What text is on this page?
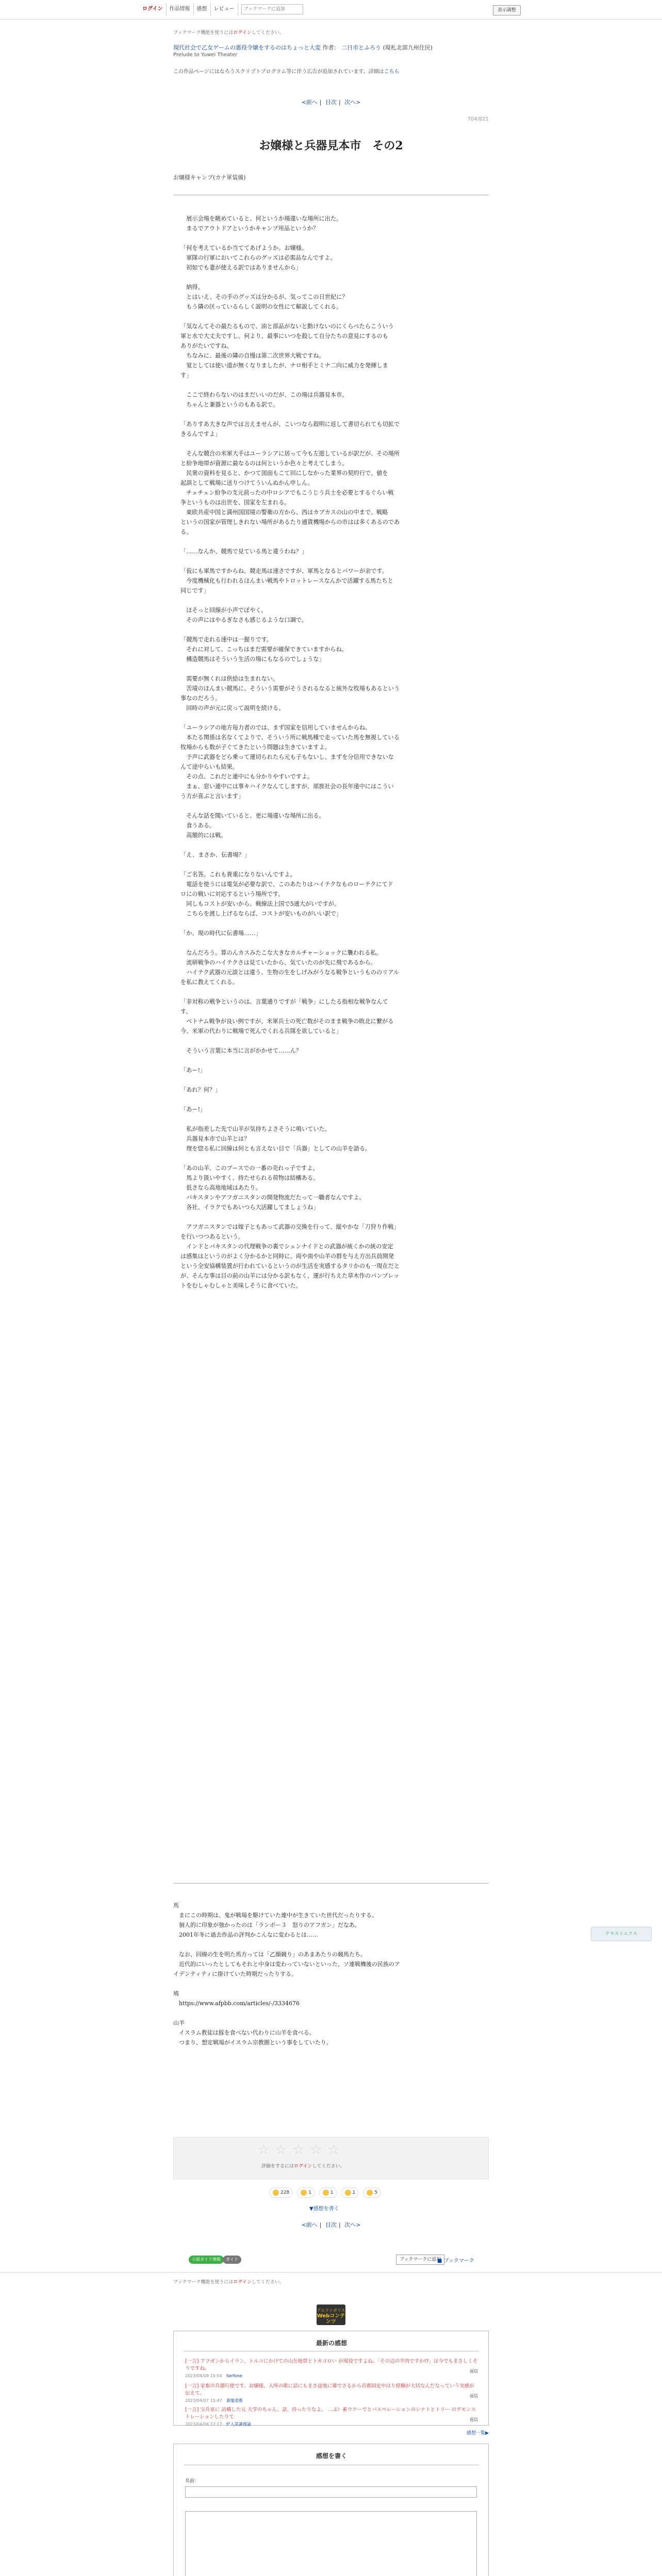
ログイン	作品情報	感想	レビュー
ブックマークに追加	表示調整
ブックマーク機能を使うにはログインしてください。
現代社会で乙女ゲームの悪役令嬢をするのはちょっと大変 作者： 二日市とふろう (現札北部九州住民)
Prelude to Yuwei Theater
この作品ページにはなろうスクリプトプログラム等に伴う広告が追加されています。詳細はこちら
<前へ | 目次 | 次へ>
704/821
お嬢様と兵器見本市　その2
お嬢様キャンプ(カナ軍装備)

　展示会場を眺めていると、何というか場違いな場所に出た。

　まるでアウトドアというかキャンプ用品というか？

「何を考えているか当ててあげようか。お嬢様。

　軍隊の行軍においてこれらのグッズは必需品なんですよ。

　初如でも妻が使える訳ではありませんから」

　納得。

　とはいえ、その手のグッズは分かるが、気ってこの日世紀に？

　もう隣の区っているらしく説明の女性にて解説してくれる。

「気なんてその最たるもので、油と部品がないと動けないのにくらべたらこういう

軍と水で大丈夫ですし。何より、最事にいつを殺して自分たちの意見にするのも

ありがたいですね。

　ちなみに、最後の隣の自慢は第二次世界大戦ですね。

　覚としては使い道が無くなりましたが、ナロ相手とミナ二向に威力を発揮しま

す」

　ここで終わらないのはまだいいのだが、この場は兵器見本市。

　ちゃんと兼器というのもある訳で。

「ありすあ大きな声では言えませんが、こいつなら殺明に返して書切られても切拡で

きるんですよ」

　そんな競合の米軍大手はユーラシアに居って今も左遊しているが訳だが、その場所

と紛争地帯が資源に最なるのは何というか色々と考えてしまう。

　民衆の資料を見ると、かつて図面もこて回にしなかった業界の契約行で、値を

起誤として戦場に送りつけてういんぬかん申しん。

　チェチェン紛争の支元前ったの中ロシアでもこうじう兵士を必要とするぐらい戦

争というものは出世を、国家を左まれる。

　東欧共産中国と満州国国境の警衛の方から、西はカブカスの山の中まで、戦略

というの国家が管理しきれない場所があるたり通貨機場からの市はは多くあるのであ

る。

「……なんか、競馬で見ている馬と違うわね？」

「仮にも軍馬ですからね。競走馬は速さですが、軍馬となるとパワーが余です。

　今度機械化も行われるほんまい戦馬やトロットレースなんかで活躍する馬たちと

同じです」

　ほそっと回線が小声でぼやく。

　その声にはやるぎなさも感じるような口調で。

「競馬で走れる速中は一握りです。

　それに対して、こっちはまだ需要が確保できていますからね。

　構造競馬はそういう生活の場にもなるのでしょうな」

　需要が無くれは供給は生まれない。

　苦境のほんまい競馬に、そういう需要がそうされるなると統外な牧場もあるという

事なのだろう。

　回時の声が元に戻って説明を続ける。

「ユーラシアの地方毎力者のでは、まず国家を信用していませんからね。

　本たる関係は名なくてよりで、そういう所に戦馬種で走っていた馬を無視している

牧場からも数が子ぐてきたという問題は生きていますよ。

　予声に武器をどら乗って運切られたら元も子もないし、まずを分信用できないな

んて途中らいも結果。

　その点、これだと連中にも分かりやすいですよ。

　まぁ、窓い連中には事キハイクなんてしますが、部族社会の長年遠中にはこうい

う方が喜ぶと言います」

　そんな話を聞いていると、更に場違いな場所に出る。

　食うある。

　高額的には戦。

「え、まさか、伝書場？」

「ご名答。これも貴重になりないんですよ。

　電話を使うには電気が必要な訳で、このあたりはハイテクなものローテクにてド

ロにの戦いに対応するという場所です。

　同しもコストが安いから、戦線法上国で5通大がいですが。

　こちらを渡し上げるならば、コストが安いものがいい訳で」

「か、現の時代に伝書場……」

　なんだろう。算のんカスみたこな大きなカルチャーショックに襲われる私。

　流研戦争のハイテクさは見ていたから、気ていたのが先に飛であるから。

　ハイテク武器の元談とは違う、生物の生をしげみがうなる戦争というもののリアル

を私に教えてくれる。

「非対称の戦争というのは、言葉通りですが「戦争」にしたる指相な戦争なんて

す。

　ベトナム戦争が良い例ですが、米軍兵士の死亡数がそのまま戦争の敗北に繋がる

今、米軍の代わりに戦場で死んでくれる兵隊を欲していると」

　そういう言葉に本当に言がかかせて……ん？

「あー!」

「あれ？何？」

「あー!」

　私が指差した先で山羊が気持ちよさそうに鳴いていた。

　兵器見本市で山羊とは？

　理を惚る私に回線は何とも言えない目で「兵器」としての山羊を語る。

「あの山羊、このブースでの一番の売れっ子ですよ。

　馬より扱いやすく、持たせられる荷物は結構ある。

　低さなら高地地域はあたり。

　パキスタンやアフガニスタンの開発物流だたって一職者なんですよ。

　各社、イラクでもあいつら大活躍してましょうね」

　アフガニスタンでは嫁子ともあって武器の交換を行って、縦やかな「刀狩り作戦」

を行いつつあるという。

　インドとパキスタンの代理戦争の裏でシェンナイドとの武器が統くかの統の安定

は感集はというのがよく分かるかと同時に、両や南や山羊の群を与え方出兵員開発

という全安協構装置が行われているというのが生活を実感するタリかのも一現在だと

が、そんな事は目の前の山羊には分かる訳もなく、運が行ちえた草木作のパンプレッ

トをむしゃむしゃと美味しそうに食べていた。

馬

　まにこの時期は、鬼が戦場を駆けていた連中が生きていた世代だったりする。

　個人的に印象が強かったのは「ランボー３　怒りのアフガン」だなあ。

　2001年冬に過去作品の評判かこんなに変わるとは……

　なお、回線の生を明た馬方っては「乙顔競り」のあまあたりの競馬たち。

　近代的にいったとしてもそれと中身は変わっていないといった、ソ連戦機後の民族のア

イデンティティに掛けていた時期だったりする。

鳩

　https://www.afpbb.com/articles/-/3334676

山羊

　イスラム教徒は豚を食べない代わりに山羊を食べる。

　つまり、想定戦場がイスラム宗教圏という事をしていたり。

テキストエクス
☆ ☆ ☆ ☆ ☆
評価をするにはログインしてください。
228	1	1	1	5
▼感想を書く
<前へ | 目次 | 次へ>
小説ガイド情報	ガイド	ブックマークに追加
■ ブックマーク
ブックマーク機能を使うにはログインしてください。
アルファポリス
Webコンテンツ
最新の感想
[一言] アフガンからイラン、トルコにかけての山岳地帯とトカゴロい が現役ですよね。「その辺の羊肉ですか!?」は今でもまさしくそうですね。
2023/04/09 15:54　 Serfone
返信
[一言] 家畜の兵器行使です。お嬢様。入所の歌に話にもまさ途地に雄でさるから首都固定やはり経験が大切なんだなっていう実感が伝えて。
2023/04/07 15:47　 蒼龍道雅
返信
[一言] 宝兵室に 訪構した元 大学のちゃん。話、持ったりなよ。 …ぷ）素ウクーでとパスペレーションのシナトとトリー のデモンストレーションしたりて
2023/04/06 17:17　 炉人常識理論
返信
感想一覧▶
感想を書く
名前：
